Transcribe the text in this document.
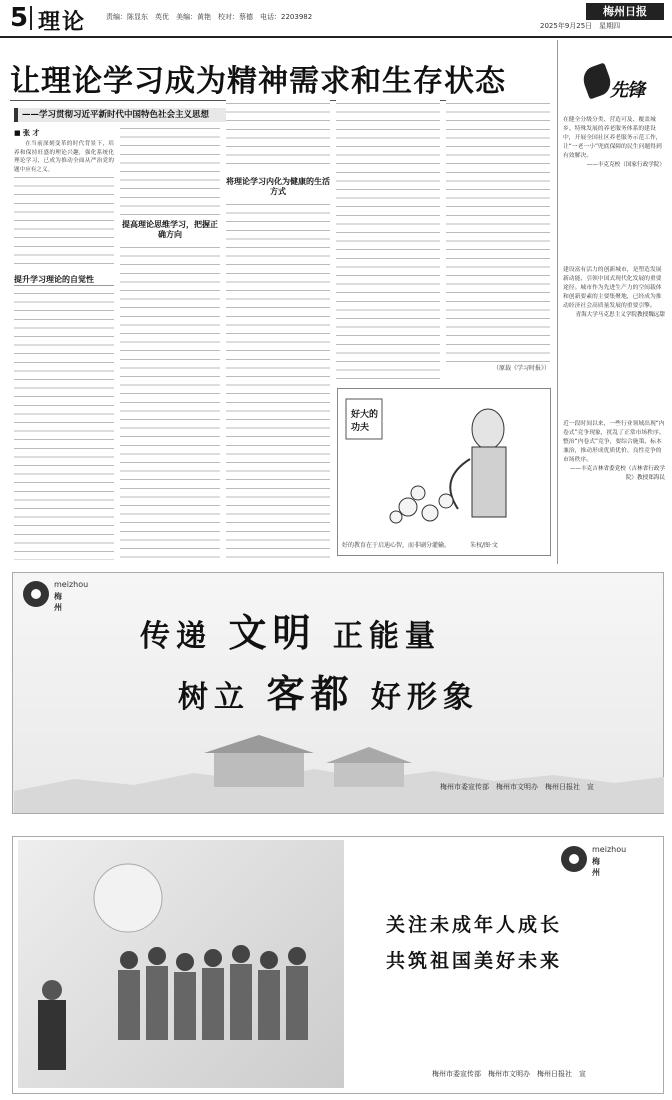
5 理论	责编：陈显东　英优　美编：黄艳　校对：蔡德　电话：2203982	梅州日报
2025年9月25日　星期四
让理论学习成为精神需求和生存状态
——学习贯彻习近平新时代中国特色社会主义思想
■ 张 才

在当前深刻变革的时代背景下，培养和保持旺盛的理论兴趣，强化系统化理论学习，已成为推动全面从严治党的题中应有之义。

提升学习理论的自觉性
提高理论思维学习，把握正确方向
将理论学习内化为健康的生活方式
（原载《学习时报》）
好大的功夫
好的教育在于启迪心智，而非刷分灌输。	朱权/图·文
先锋
在健全分级分类、营造可及、覆盖城乡、特殊发展的养老服务体系的建设中，开展全国社区养老服务示范工作，让“一老一小”兜底保障的民生问题得到有效解决。
——丰克克校（国家行政学院）
建设富有活力的创新城市，是塑造发展新动能、引领中国式现代化发展的重要途径。城市作为先进生产力的空间载体和创新要素的主要集聚地，已经成为推动经济社会高质量发展的重要引擎。
青海大学马克思主义学院教授魏远甜
近一段时间以来，一些行业领域出现“内卷式”竞争现象，扰乱了正常市场秩序。整治“内卷式”竞争，要综合施策、标本兼治，推动形成优质优价、良性竞争的市场秩序。
——丰克吉林省委党校（吉林省行政学院）教授郑海民
meizhou
梅州
传递 文明 正能量
树立 客都 好形象
梅州市委宣传部　梅州市文明办　梅州日报社　宣
meizhou
梅州
关注未成年人成长
共筑祖国美好未来
梅州市委宣传部　梅州市文明办　梅州日报社　宣
